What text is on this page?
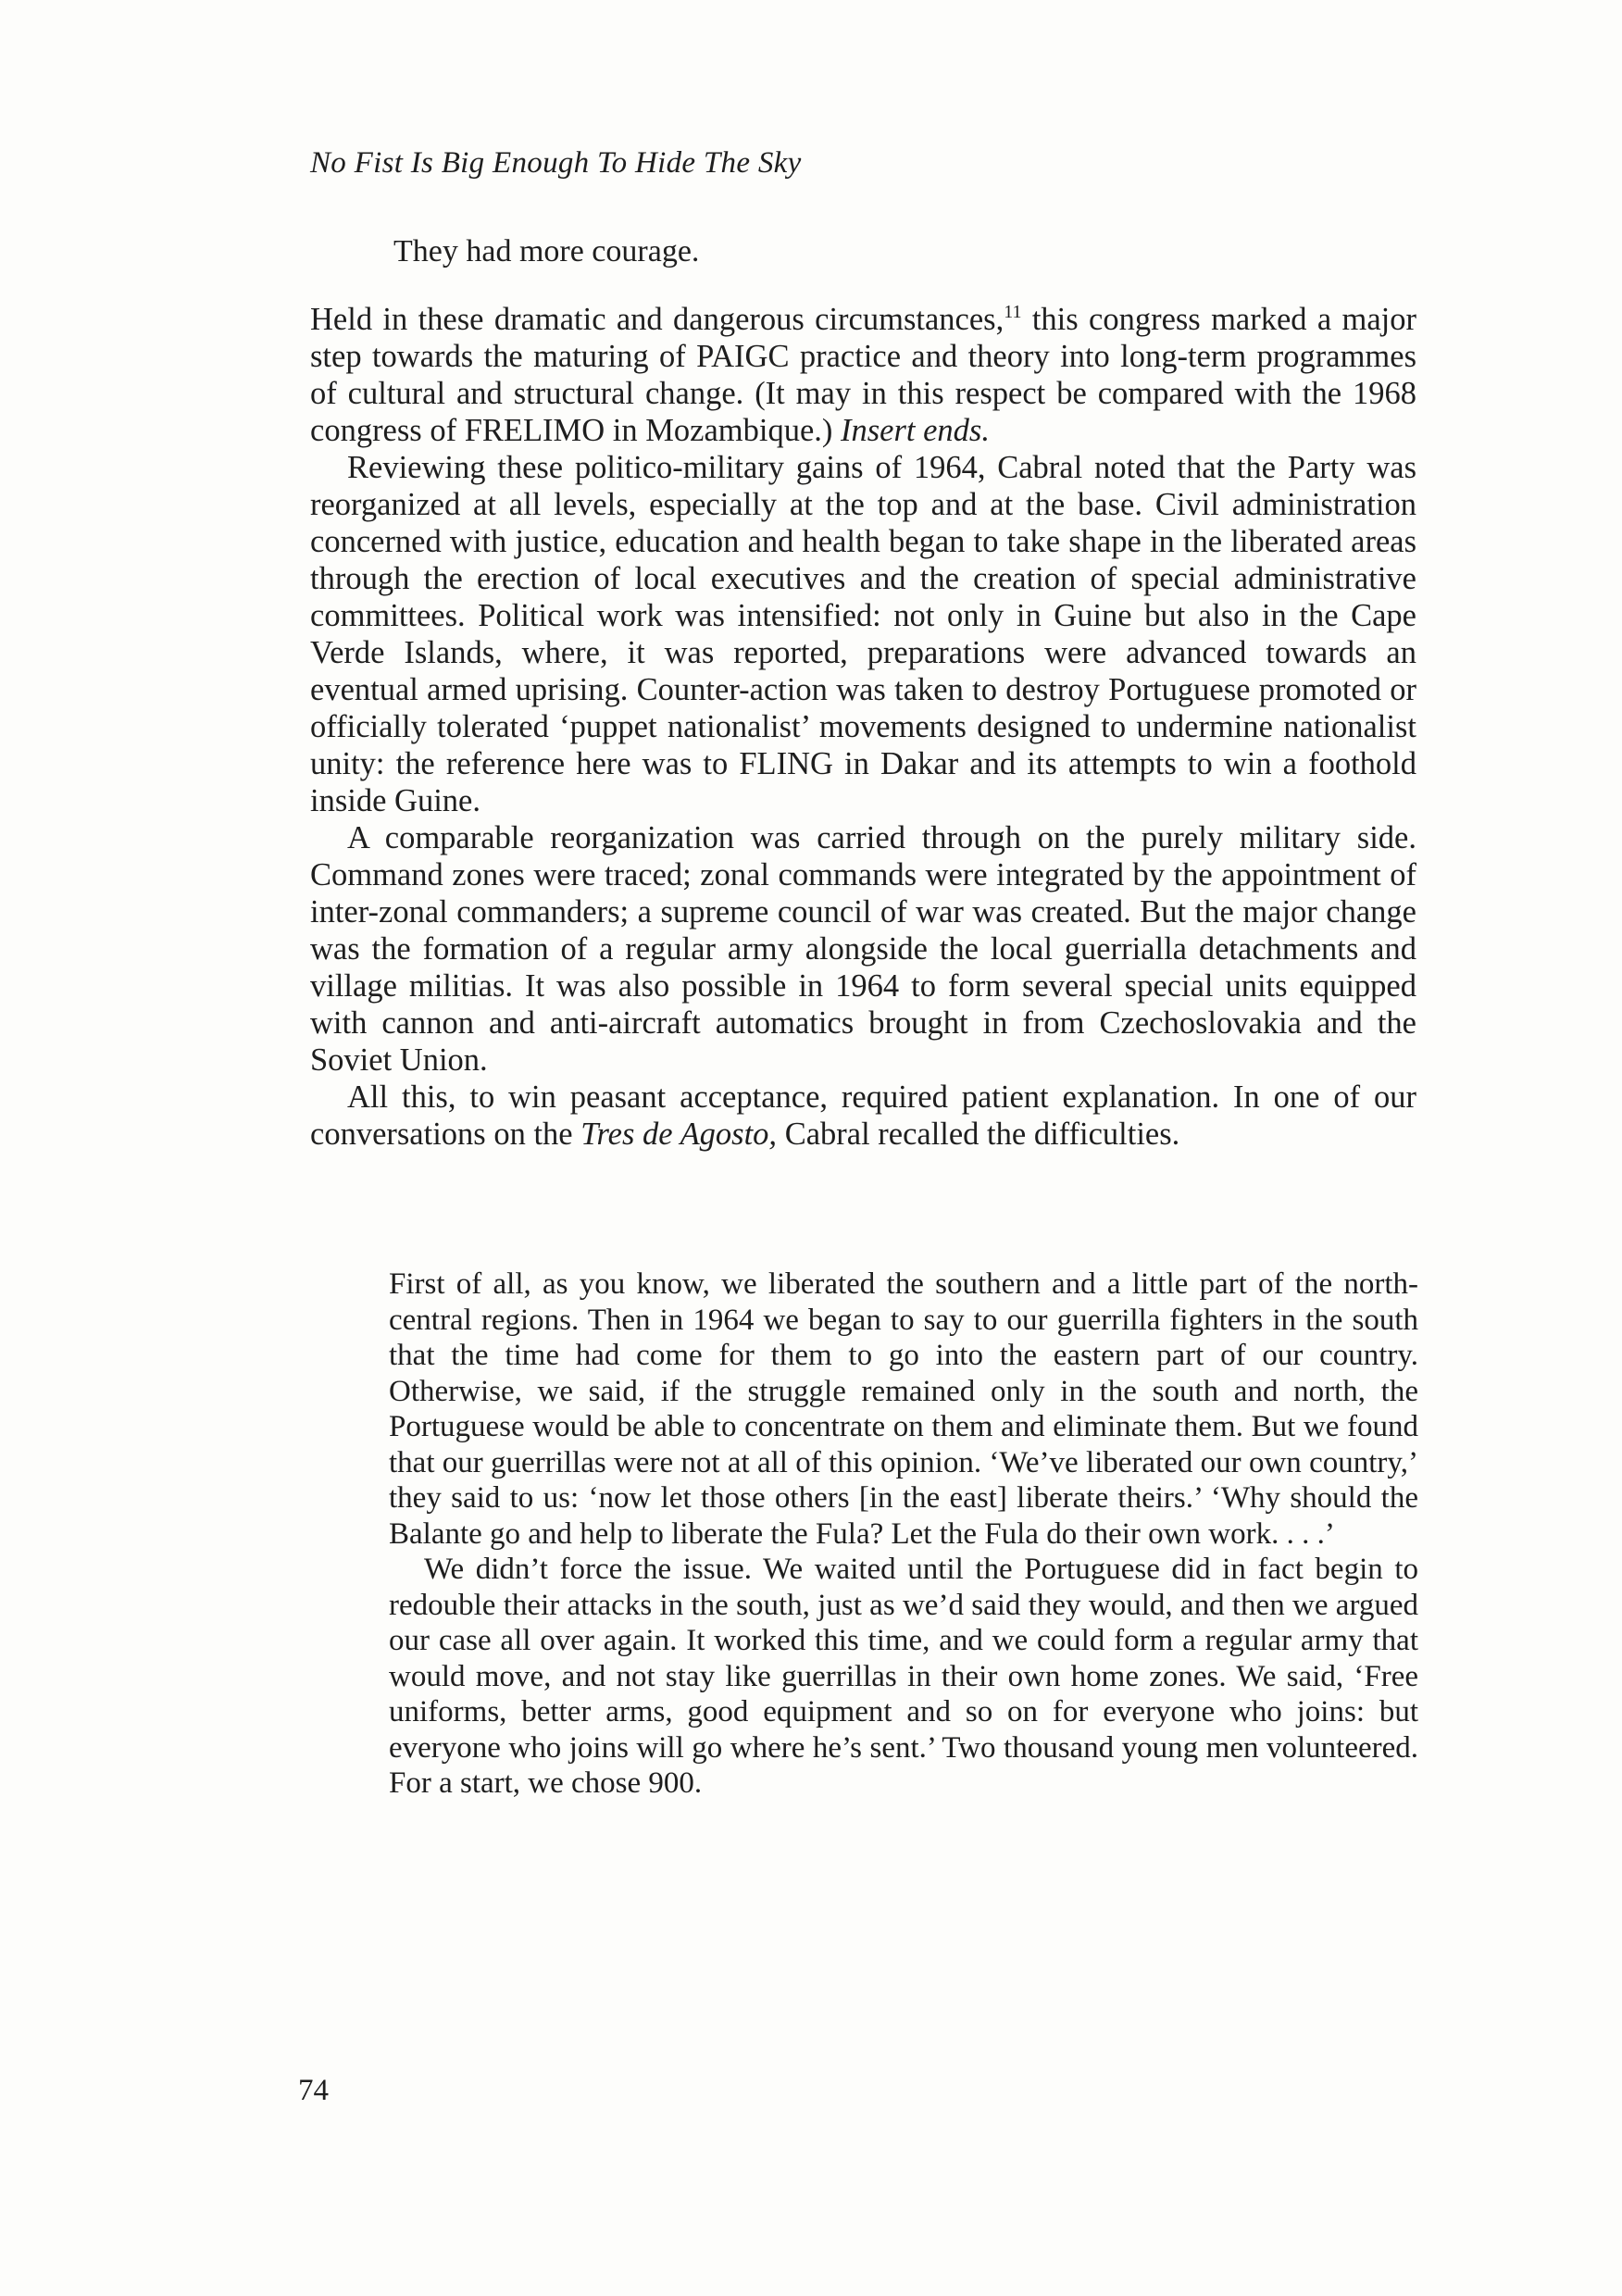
No Fist Is Big Enough To Hide The Sky
They had more courage.

Held in these dramatic and dangerous circumstances,$^{11}$ this congress marked a major step towards the maturing of PAIGC practice and theory into long-term programmes of cultural and structural change. (It may in this respect be compared with the 1968 congress of FRELIMO in Mozambique.) Insert ends.

Reviewing these politico-military gains of 1964, Cabral noted that the Party was reorganized at all levels, especially at the top and at the base. Civil administration concerned with justice, education and health began to take shape in the liberated areas through the erection of local executives and the creation of special administrative committees. Political work was intensified: not only in Guine but also in the Cape Verde Islands, where, it was reported, preparations were advanced towards an eventual armed uprising. Counter-action was taken to destroy Portuguese promoted or officially tolerated ‘puppet nationalist’ movements designed to undermine nationalist unity: the reference here was to FLING in Dakar and its attempts to win a foothold inside Guine.

A comparable reorganization was carried through on the purely military side. Command zones were traced; zonal commands were integrated by the appointment of inter-zonal commanders; a supreme council of war was created. But the major change was the formation of a regular army alongside the local guerrialla detachments and village militias. It was also possible in 1964 to form several special units equipped with cannon and anti-aircraft automatics brought in from Czechoslovakia and the Soviet Union.

All this, to win peasant acceptance, required patient explanation. In one of our conversations on the Tres de Agosto, Cabral recalled the difficulties.

First of all, as you know, we liberated the southern and a little part of the north-central regions. Then in 1964 we began to say to our guerrilla fighters in the south that the time had come for them to go into the eastern part of our country. Otherwise, we said, if the struggle remained only in the south and north, the Portuguese would be able to concentrate on them and eliminate them. But we found that our guerrillas were not at all of this opinion. ‘We’ve liberated our own country,’ they said to us: ‘now let those others [in the east] liberate theirs.’ ‘Why should the Balante go and help to liberate the Fula? Let the Fula do their own work. . . .’

We didn’t force the issue. We waited until the Portuguese did in fact begin to redouble their attacks in the south, just as we’d said they would, and then we argued our case all over again. It worked this time, and we could form a regular army that would move, and not stay like guerrillas in their own home zones. We said, ‘Free uniforms, better arms, good equipment and so on for everyone who joins: but everyone who joins will go where he’s sent.’ Two thousand young men volunteered. For a start, we chose 900.

74
